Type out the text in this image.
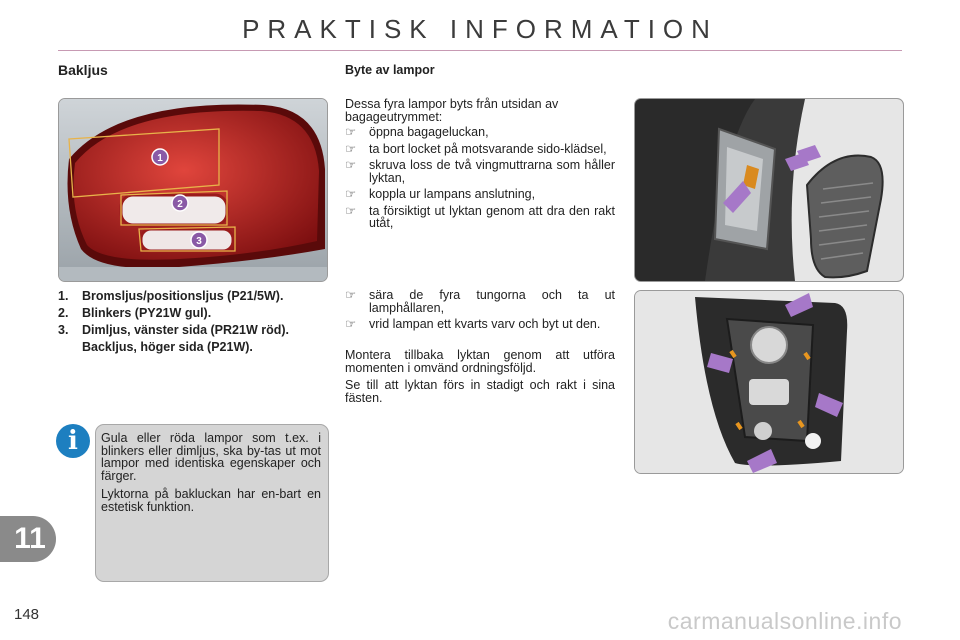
PRAKTISK INFORMATION
Bakljus	Byte av lampor
1
2
3
1. Bromsljus/positionsljus (P21/5W).
2. Blinkers (PY21W gul).
3. Dimljus, vänster sida (PR21W röd).
Backljus, höger sida (P21W).
i	Gula eller röda lampor som t.ex. i blinkers eller dimljus, ska by-tas ut mot lampor med identiska egenskaper och färger.

Lyktorna på bakluckan har en-bart en estetisk funktion.

Dessa fyra lampor byts från utsidan av bagageutrymmet:
☞ öppna bagageluckan,
☞ ta bort locket på motsvarande sido-klädsel,
☞ skruva loss de två vingmuttrarna som håller lyktan,
☞ koppla ur lampans anslutning,
☞ ta försiktigt ut lyktan genom att dra den rakt utåt,
☞ sära de fyra tungorna och ta ut lamphållaren,
☞ vrid lampan ett kvarts varv och byt ut den.
Montera tillbaka lyktan genom att utföra momenten i omvänd ordningsföljd.
Se till att lyktan förs in stadigt och rakt i sina fästen.
11
148	carmanualsonline.info
